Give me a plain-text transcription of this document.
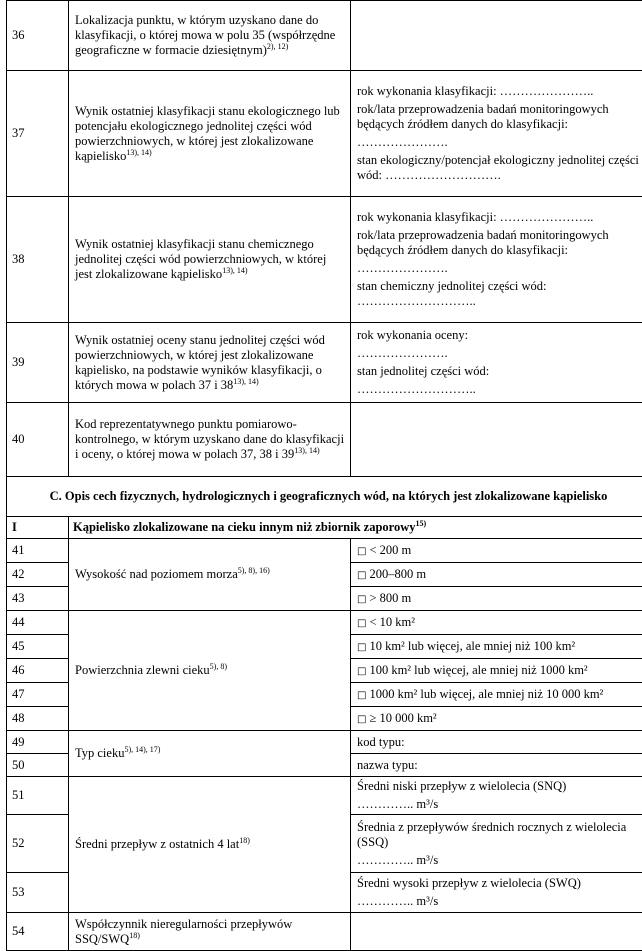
36	Lokalizacja punktu, w którym uzyskano dane do klasyfikacji, o której mowa w polu 35 (współrzędne geograficzne w formacie dziesiętnym)$^{2), 12)}$	
37	Wynik ostatniej klasyfikacji stanu ekologicznego lub potencjału ekologicznego jednolitej części wód powierzchniowych, w której jest zlokalizowane kąpielisko$^{13), 14)}$	rok wykonania klasyfikacji: …………………..
rok/lata przeprowadzenia badań monitoringowych będących źródłem danych do klasyfikacji:
………………….
stan ekologiczny/potencjał ekologiczny jednolitej części wód: ……………………….

38	Wynik ostatniej klasyfikacji stanu chemicznego jednolitej części wód powierzchniowych, w której jest zlokalizowane kąpielisko$^{13), 14)}$	rok wykonania klasyfikacji: …………………..
rok/lata przeprowadzenia badań monitoringowych będących źródłem danych do klasyfikacji:
………………….
stan chemiczny jednolitej części wód: ………………………..

39	Wynik ostatniej oceny stanu jednolitej części wód powierzchniowych, w której jest zlokalizowane kąpielisko, na podstawie wyników klasyfikacji, o których mowa w polach 37 i $38^{13), 14)}$	rok wykonania oceny:
………………….
stan jednolitej części wód:
………………………..

40	Kod reprezentatywnego punktu pomiarowo-kontrolnego, w którym uzyskano dane do klasyfikacji i oceny, o której mowa w polach 37, 38 i $39^{13), 14)}$	
C. Opis cech fizycznych, hydrologicznych i geograficznych wód, na których jest zlokalizowane kąpielisko		
I	Kąpielisko zlokalizowane na cieku innym niż zbiornik zaporowy$^{15)}$
41	Wysokość nad poziomem morza$^{5), 8), 16)}$	□ < 200 m
42		□ 200–800 m
43		□ > 800 m
44	Powierzchnia zlewni cieku$^{5), 8)}$	□ < 10 km²
45		□ 10 km² lub więcej, ale mniej niż 100 km²
46		□ 100 km² lub więcej, ale mniej niż 1000 km²
47		□ 1000 km² lub więcej, ale mniej niż 10 000 km²
48		□ ≥ 10 000 km²
49	Typ cieku$^{5), 14), 17)}$	kod typu:
50		nazwa typu:
51	Średni przepływ z ostatnich 4 lat$^{18)}$	Średni niski przepływ z wielolecia (SNQ)
………….. m³/s

52		Średnia z przepływów średnich rocznych z wielolecia (SSQ)
………….. m³/s

53		Średni wysoki przepływ z wielolecia (SWQ)
………….. m³/s

54	Współczynnik nieregularności przepływów SSQ/SWQ$^{18)}$	
